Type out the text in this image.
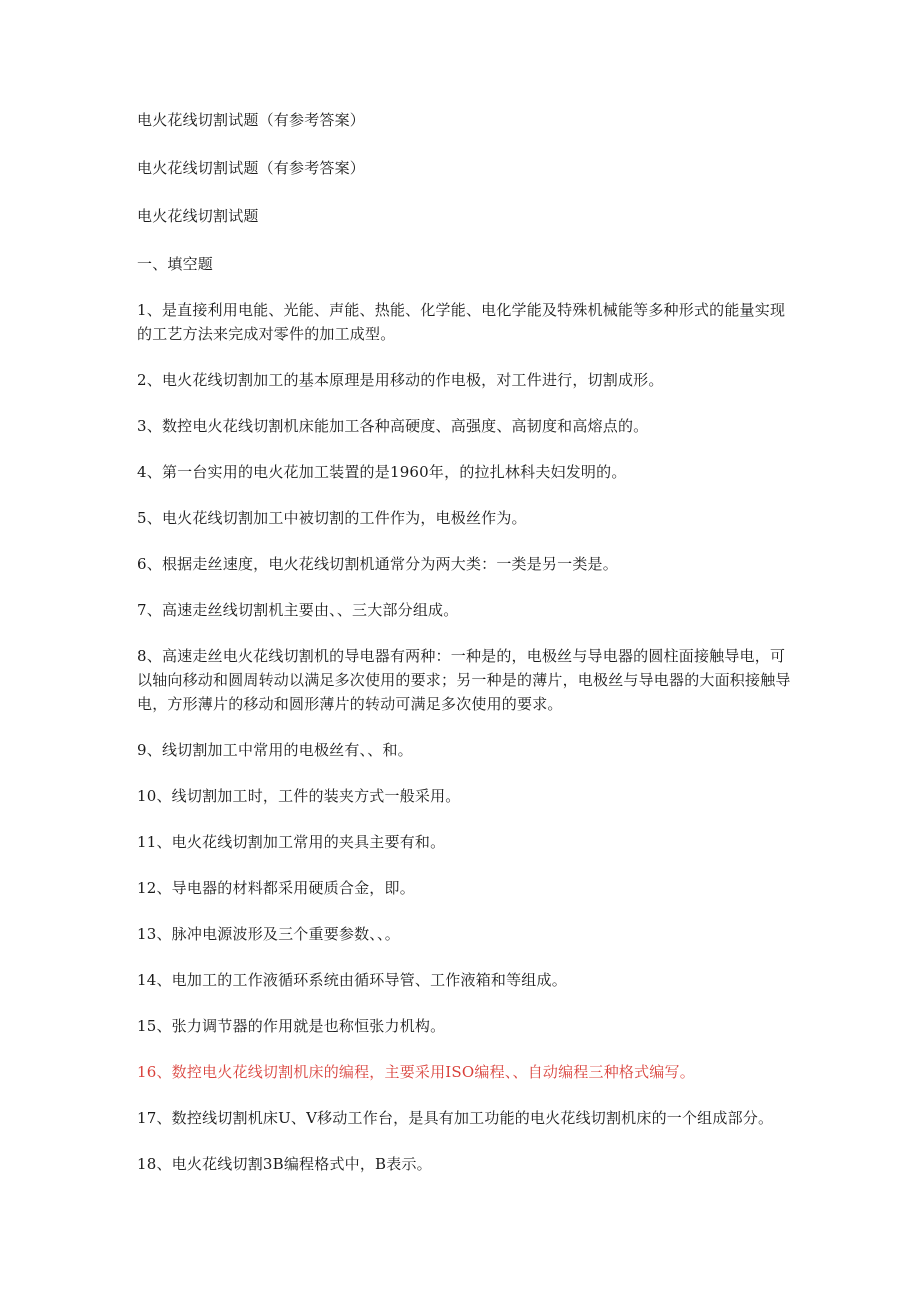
电火花线切割试题（有参考答案）

电火花线切割试题（有参考答案）

电火花线切割试题

一、填空题

1、是直接利用电能、光能、声能、热能、化学能、电化学能及特殊机械能等多种形式的能量实现的工艺方法来完成对零件的加工成型。

2、电火花线切割加工的基本原理是用移动的作电极，对工件进行，切割成形。

3、数控电火花线切割机床能加工各种高硬度、高强度、高韧度和高熔点的。

4、第一台实用的电火花加工装置的是1960年，的拉扎林科夫妇发明的。

5、电火花线切割加工中被切割的工件作为，电极丝作为。

6、根据走丝速度，电火花线切割机通常分为两大类：一类是另一类是。

7、高速走丝线切割机主要由、、三大部分组成。

8、高速走丝电火花线切割机的导电器有两种：一种是的，电极丝与导电器的圆柱面接触导电，可以轴向移动和圆周转动以满足多次使用的要求；另一种是的薄片，电极丝与导电器的大面积接触导电，方形薄片的移动和圆形薄片的转动可满足多次使用的要求。

9、线切割加工中常用的电极丝有、、和。

10、线切割加工时，工件的装夹方式一般采用。

11、电火花线切割加工常用的夹具主要有和。

12、导电器的材料都采用硬质合金，即。

13、脉冲电源波形及三个重要参数、、。

14、电加工的工作液循环系统由循环导管、工作液箱和等组成。

15、张力调节器的作用就是也称恒张力机构。

16、数控电火花线切割机床的编程，主要采用ISO编程、、自动编程三种格式编写。

17、数控线切割机床U、V移动工作台，是具有加工功能的电火花线切割机床的一个组成部分。

18、电火花线切割3B编程格式中，B表示。
